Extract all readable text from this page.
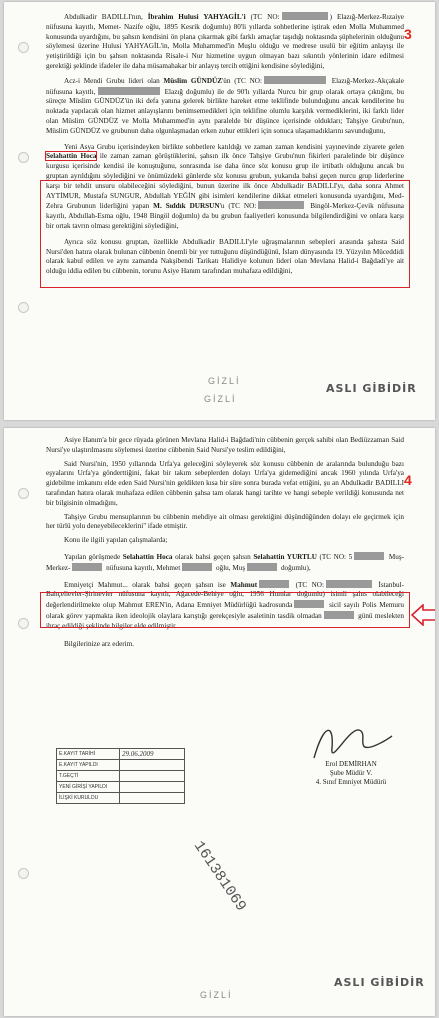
3

Abdulkadir BADILLI'nın, İbrahim Hulusi YAHYAGİL'i (TC NO:	) Elazığ-Merkez-Rızaiye nüfusuna kayıtlı, Memet- Nazife oğlu, 1895 Kesrik doğumlu) 80'li yıllarda sohbetlerine iştirak eden Molla Muhammed konusunda uyardığını, bu şahsın kendisini ön plana çıkarmak gibi farklı amaçlar taşıdığı noktasında şüphelerinin olduğunu söylemesi üzerine Hulusi YAHYAGİL'in, Molla Muhammed'in Muşlu olduğu ve medrese usulü bir eğitim anlayışı ile yetiştirildiği için bu şahsın noktasında Risale-i Nur hizmetine uygun olmayan bazı sıkıntılı yönlerinin idare edilmesi gerektiği şeklinde ifadeler ile daha müsamahakar bir anlayış tercih ettiğini kendisine söylediğini,

Acz-i Mendi Grubu lideri olan Müslim GÜNDÜZ'ün (TC NO:	Elazığ-Merkez-Akçakale nüfusuna kayıtlı,	Elazığ doğumlu) ile de 90'lı yıllarda Nurcu bir grup olarak ortaya çıktığını, bu süreçte Müslim GÜNDÜZ'ün iki defa yanına gelerek birlikte hareket etme teklifinde bulunduğunu ancak kendilerine bu noktada yapılacak olan hizmet anlayışlarını benimsemedikleri için teklifine olumlu karşılık vermediklerini, iki farklı lider olan Müslim GÜNDÜZ ve Molla Muhammed'in aynı paralelde bir düşünce içerisinde oldukları; Tahşiye Grubu'nun, Müslim GÜNDÜZ ve grubunun daha olgunlaşmadan erken zuhur ettikleri için sonuca ulaşamadıklarını savunduğunu,

Yeni Asya Grubu içerisindeyken birlikte sohbetlere katıldığı ve zaman zaman kendisini yayınevinde ziyarete gelen Selahattin Hoca ile zaman zaman görüştüklerini, şahsın ilk önce Tahşiye Grubu'nun fikirleri paralelinde bir düşünce kurgusu içerisinde kendisi ile konuştuğunu, sonrasında ise daha önce söz konusu grup ile irtibatlı olduğunu ancak bu gruptan ayrıldığını söylediğini ve önümüzdeki günlerde söz konusu grubun, yukarıda bahsi geçen nurcu grup liderlerine karşı bir tehdit unsuru olabileceğini söylediğini, bunun üzerine ilk önce Abdulkadir BADILLI'yı, daha sonra Ahmet AYTİMUR, Mustafa SUNGUR, Abdullah YEĞİN gibi isimleri kendilerine dikkat etmeleri konusunda uyardığını, Med-Zehra Grubunun liderliğini yapan M. Sıddık DURSUN'u (TC NO:	Bingöl-Merkez-Çevik nüfusuna kayıtlı, Abdullah-Esma oğlu, 1948 Bingöl doğumlu) da bu grubun faaliyetleri konusunda bilgilendirdiğini ve onlara karşı bir ortak tavrın olması gerektiğini söylediğini,

Ayrıca söz konusu gruptan, özellikle Abdulkadir BADILLI'yle uğraşmalarının sebepleri arasında şahısta Said Nursi'den hatıra olarak bulunan cübbenin önemli bir yer tuttuğunu düşündüğünü, İslam dünyasında 19. Yüzyılın Müceddidi olarak kabul edilen ve aynı zamanda Nakşibendi Tarikatı Halidiye kolunun lideri olan Mevlana Halid-i Bağdadi'ye ait olduğu iddia edilen bu cübbenin, torunu Asiye Hanım tarafından muhafaza edildiğini,

GİZLİ
GİZLİ
ASLI GİBİDİR
4

Asiye Hanım'a bir gece rüyada görünen Mevlana Halid-i Bağdadi'nin cübbenin gerçek sahibi olan Bediüzzaman Said Nursi'ye ulaştırılmasını söylemesi üzerine cübbenin Said Nursi'ye teslim edildiğini,

Said Nursi'nin, 1950 yıllarında Urfa'ya geleceğini söyleyerek söz konusu cübbenin de aralarında bulunduğu bazı eşyalarını Urfa'ya gönderttiğini, fakat bir takım sebeplerden dolayı Urfa'ya gidemediğini ancak 1960 yılında Urfa'ya gidebilme imkanını elde eden Said Nursi'nin geldikten kısa bir süre sonra burada vefat ettiğini, şu an Abdulkadir BADILLI tarafından hatıra olarak muhafaza edilen cübbenin şahsa tam olarak hangi tarihte ve hangi sebeple verildiği konusunda net bir bilgisinin olmadığını,

Tahşiye Grubu mensuplarının bu cübbenin mehdiye ait olması gerektiğini düşündüğünden dolayı ele geçirmek için her türlü yolu deneyebileceklerini" ifade etmiştir.

Konu ile ilgili yapılan çalışmalarda;

Yapılan görüşmede Selahattin Hoca olarak bahsi geçen şahsın Selahattin YURTLU (TC NO: 5	Muş-Merkez-	nüfusuna kayıtlı, Mehmet	oğlu, Muş	doğumlu),

Emniyetçi Mahmut... olarak bahsi geçen şahsın ise Mahmut	(TC NO:	İstanbul-Bahçelievler-Şirinevler nüfusuna kayıtlı, Ağacede-Behiye oğlu, 1956 Humlar doğumlu) isimli şahıs olabileceği değerlendirilmekte olup Mahmut EREN'in, Adana Emniyet Müdürlüğü kadrosunda	sicil sayılı Polis Memuru olarak görev yapmakta iken ideolojik olaylara karıştığı gerekçesiyle asaletinin tasdik olmadan	günü meslekten ihraç edildiği şeklinde bilgiler elde edilmiştir.

Bilgilerinize arz ederim.

Erol DEMİRHAN
Şube Müdür V.
4. Sınıf Emniyet Müdürü
161381069
E.KAYIT TARİHİ	29.06.2009
E.KAYIT YAPILDI	
T.GEÇTİ	
YENİ GİRİŞİ YAPILDI	
İLİŞKİ KURULDU	
GİZLİ
ASLI GİBİDİR
